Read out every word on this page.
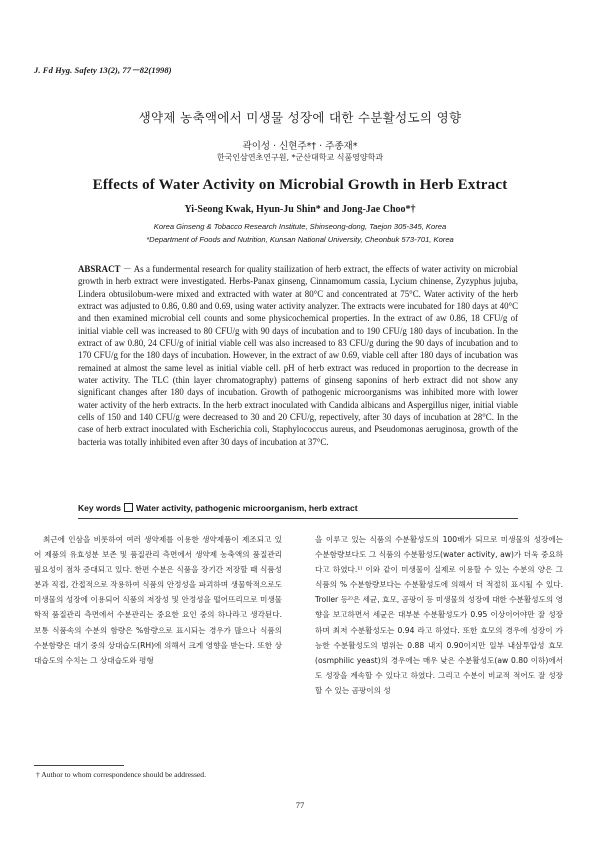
J. Fd Hyg. Safety 13(2), 77－82(1998)
생약제 농축액에서 미생물 성장에 대한 수분활성도의 영향
곽이성 · 신현주*† · 주종재*
한국인삼연초연구원, *군산대학교 식품영양학과
Effects of Water Activity on Microbial Growth in Herb Extract
Yi-Seong Kwak, Hyun-Ju Shin* and Jong-Jae Choo*†
Korea Ginseng & Tobacco Research Institute, Shinseong-dong, Taejon 305-345, Korea
*Department of Foods and Nutrition, Kunsan National University, Cheonbuk 573-701, Korea
ABSRACT － As a fundermental research for quality stailization of herb extract, the effects of water activity on microbial growth in herb extract were investigated. Herbs-Panax ginseng, Cinnamomum cassia, Lycium chinense, Zyzyphus jujuba, Lindera obtusilobum-were mixed and extracted with water at 80°C and concentrated at 75°C. Water activity of the herb extract was adjusted to 0.86, 0.80 and 0.69, using water activity analyzer. The extracts were incubated for 180 days at 40°C and then examined microbial cell counts and some physicochemical properties. In the extract of aw 0.86, 18 CFU/g of initial viable cell was increased to 80 CFU/g with 90 days of incubation and to 190 CFU/g 180 days of incubation. In the extract of aw 0.80, 24 CFU/g of initial viable cell was also increased to 83 CFU/g during the 90 days of incubation and to 170 CFU/g for the 180 days of incubation. However, in the extract of aw 0.69, viable cell after 180 days of incubation was remained at almost the same level as initial viable cell. pH of herb extract was reduced in proportion to the decrease in water activity. The TLC (thin layer chromatography) patterns of ginseng saponins of herb extract did not show any significant changes after 180 days of incubation. Growth of pathogenic microorganisms was inhibited more with lower water activity of the herb extracts. In the herb extract inoculated with Candida albicans and Aspergillus niger, initial viable cells of 150 and 140 CFU/g were decreased to 30 and 20 CFU/g, repectively, after 30 days of incubation at 28°C. In the case of herb extract inoculated with Escherichia coli, Staphylococcus aureus, and Pseudomonas aeruginosa, growth of the bacteria was totally inhibited even after 30 days of incubation at 37°C.
Key words Water activity, pathogenic microorganism, herb extract

최근에 인삼을 비롯하여 여러 생약제를 이용한 생약제품이 제조되고 있어 제품의 유효성분 보존 및 품질관리 측면에서 생약제 농축액의 품질관리 필요성이 점차 증대되고 있다. 한편 수분은 식품을 장기간 저장할 때 식품성분과 직접, 간접적으로 작용하여 식품의 안정성을 파괴하며 생물학적으로도 미생물의 성장에 이용되어 식품의 저장성 및 안정성을 떨어뜨리므로 미생물학적 품질관리 측면에서 수분관리는 중요한 요인 중의 하나라고 생각된다. 보통 식품속의 수분의 함량은 %함량으로 표시되는 경우가 많으나 식품의 수분함량은 대기 중의 상대습도(RH)에 의해서 크게 영향을 받는다. 또한 상대습도의 수치는 그 상대습도와 평형

을 이루고 있는 식품의 수분활성도의 100배가 되므로 미생물의 성장에는 수분함량보다도 그 식품의 수분활성도(water activity, aw)가 더욱 중요하다고 하였다.¹⁾ 이와 같이 미생물이 실제로 이용할 수 있는 수분의 양은 그 식품의 % 수분함량보다는 수분활성도에 의해서 더 적절히 표시될 수 있다. Troller 등²⁾은 세균, 효모, 곰팡이 등 미생물의 성장에 대한 수분활성도의 영향을 보고하면서 세균은 대부분 수분활성도가 0.95 이상이어야만 잘 성장하며 최저 수분활성도는 0.94 라고 하였다. 또한 효모의 경우에 성장이 가능한 수분활성도의 범위는 0.88 내지 0.90이지만 일부 내삼투압성 효모(osmphilic yeast)의 경우에는 매우 낮은 수분활성도(aw 0.80 이하)에서도 성장을 계속할 수 있다고 하였다. 그리고 수분이 비교적 적어도 잘 성장할 수 있는 곰팡이의 성

† Author to whom correspondence should be addressed.
77
